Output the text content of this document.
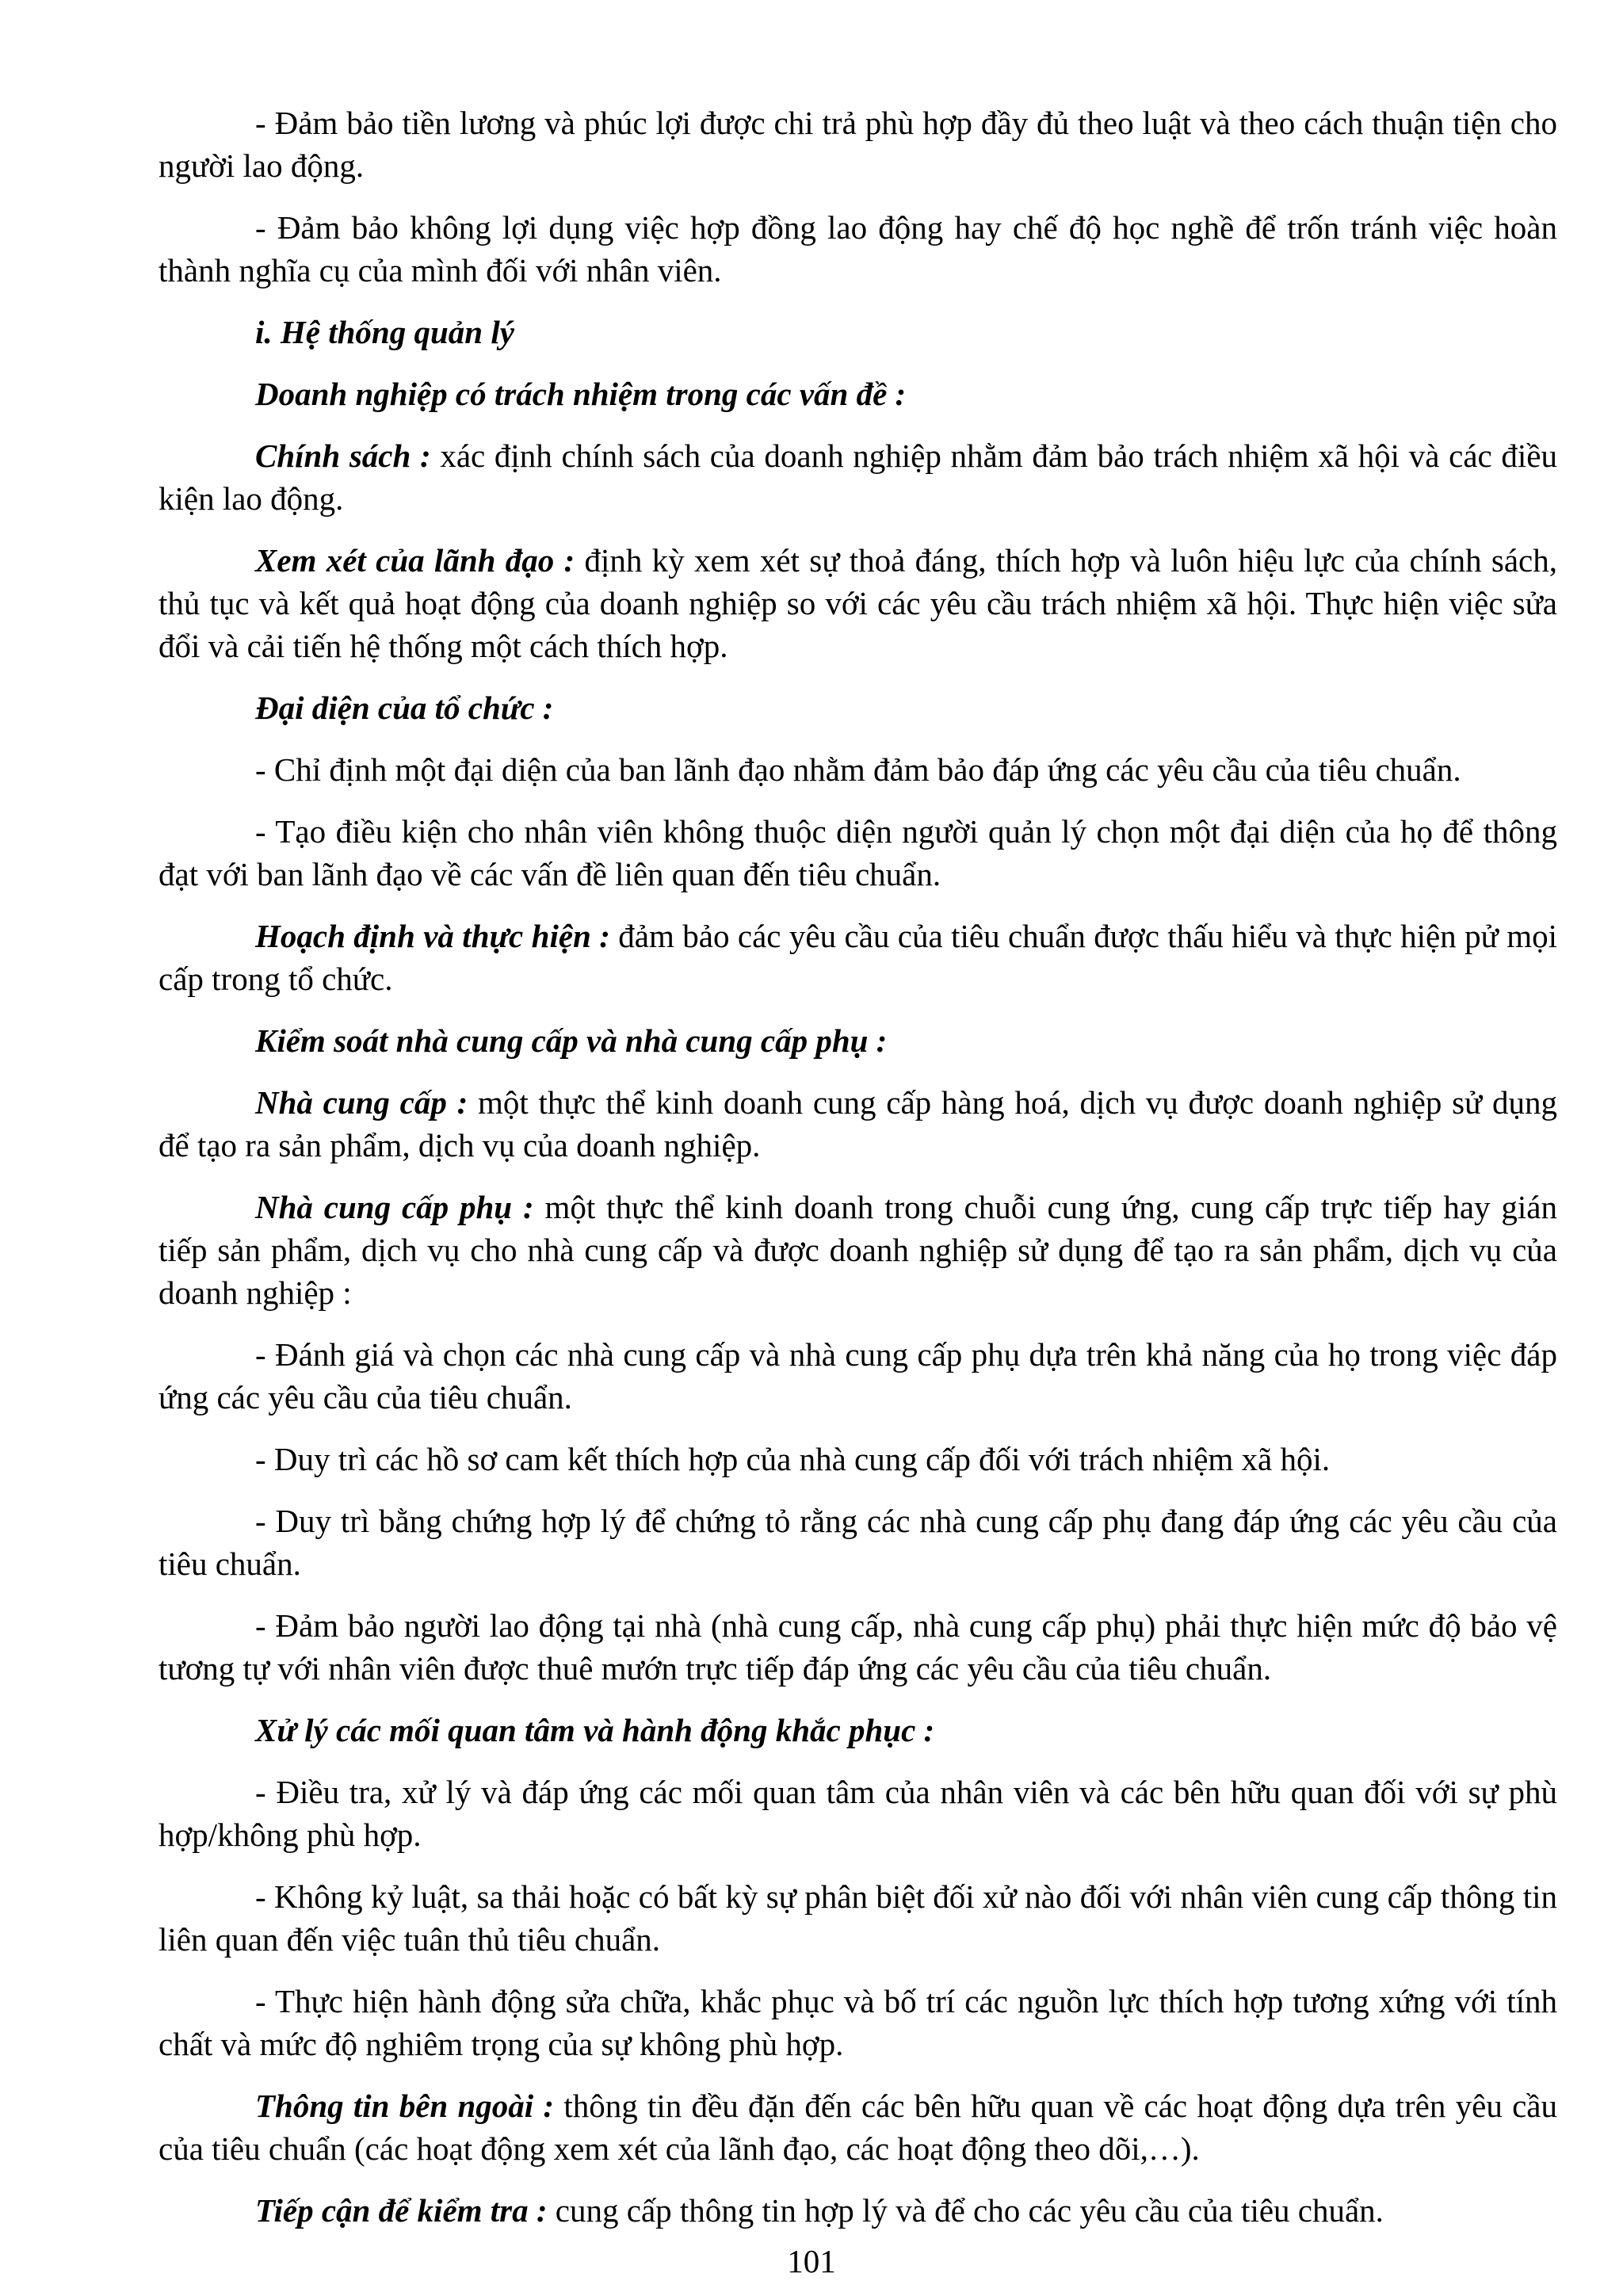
- Đảm bảo tiền lương và phúc lợi được chi trả phù hợp đầy đủ theo luật và theo cách thuận tiện cho người lao động.

- Đảm bảo không lợi dụng việc hợp đồng lao động hay chế độ học nghề để trốn tránh việc hoàn thành nghĩa cụ của mình đối với nhân viên.

i. Hệ thống quản lý

Doanh nghiệp có trách nhiệm trong các vấn đề :

Chính sách : xác định chính sách của doanh nghiệp nhằm đảm bảo trách nhiệm xã hội và các điều kiện lao động.

Xem xét của lãnh đạo : định kỳ xem xét sự thoả đáng, thích hợp và luôn hiệu lực của chính sách, thủ tục và kết quả hoạt động của doanh nghiệp so với các yêu cầu trách nhiệm xã hội. Thực hiện việc sửa đổi và cải tiến hệ thống một cách thích hợp.

Đại diện của tổ chức :

- Chỉ định một đại diện của ban lãnh đạo nhằm đảm bảo đáp ứng các yêu cầu của tiêu chuẩn.

- Tạo điều kiện cho nhân viên không thuộc diện người quản lý chọn một đại diện của họ để thông đạt với ban lãnh đạo về các vấn đề liên quan đến tiêu chuẩn.

Hoạch định và thực hiện : đảm bảo các yêu cầu của tiêu chuẩn được thấu hiểu và thực hiện pử mọi cấp trong tổ chức.

Kiểm soát nhà cung cấp và nhà cung cấp phụ :

Nhà cung cấp : một thực thể kinh doanh cung cấp hàng hoá, dịch vụ được doanh nghiệp sử dụng để tạo ra sản phẩm, dịch vụ của doanh nghiệp.

Nhà cung cấp phụ : một thực thể kinh doanh trong chuỗi cung ứng, cung cấp trực tiếp hay gián tiếp sản phẩm, dịch vụ cho nhà cung cấp và được doanh nghiệp sử dụng để tạo ra sản phẩm, dịch vụ của doanh nghiệp :

- Đánh giá và chọn các nhà cung cấp và nhà cung cấp phụ dựa trên khả năng của họ trong việc đáp ứng các yêu cầu của tiêu chuẩn.

- Duy trì các hồ sơ cam kết thích hợp của nhà cung cấp đối với trách nhiệm xã hội.

- Duy trì bằng chứng hợp lý để chứng tỏ rằng các nhà cung cấp phụ đang đáp ứng các yêu cầu của tiêu chuẩn.

- Đảm bảo người lao động tại nhà (nhà cung cấp, nhà cung cấp phụ) phải thực hiện mức độ bảo vệ tương tự với nhân viên được thuê mướn trực tiếp đáp ứng các yêu cầu của tiêu chuẩn.

Xử lý các mối quan tâm và hành động khắc phục :

- Điều tra, xử lý và đáp ứng các mối quan tâm của nhân viên và các bên hữu quan đối với sự phù hợp/không phù hợp.

- Không kỷ luật, sa thải hoặc có bất kỳ sự phân biệt đối xử nào đối với nhân viên cung cấp thông tin liên quan đến việc tuân thủ tiêu chuẩn.

- Thực hiện hành động sửa chữa, khắc phục và bố trí các nguồn lực thích hợp tương xứng với tính chất và mức độ nghiêm trọng của sự không phù hợp.

Thông tin bên ngoài : thông tin đều đặn đến các bên hữu quan về các hoạt động dựa trên yêu cầu của tiêu chuẩn (các hoạt động xem xét của lãnh đạo, các hoạt động theo dõi,…).

Tiếp cận để kiểm tra : cung cấp thông tin hợp lý và để cho các yêu cầu của tiêu chuẩn.

101
